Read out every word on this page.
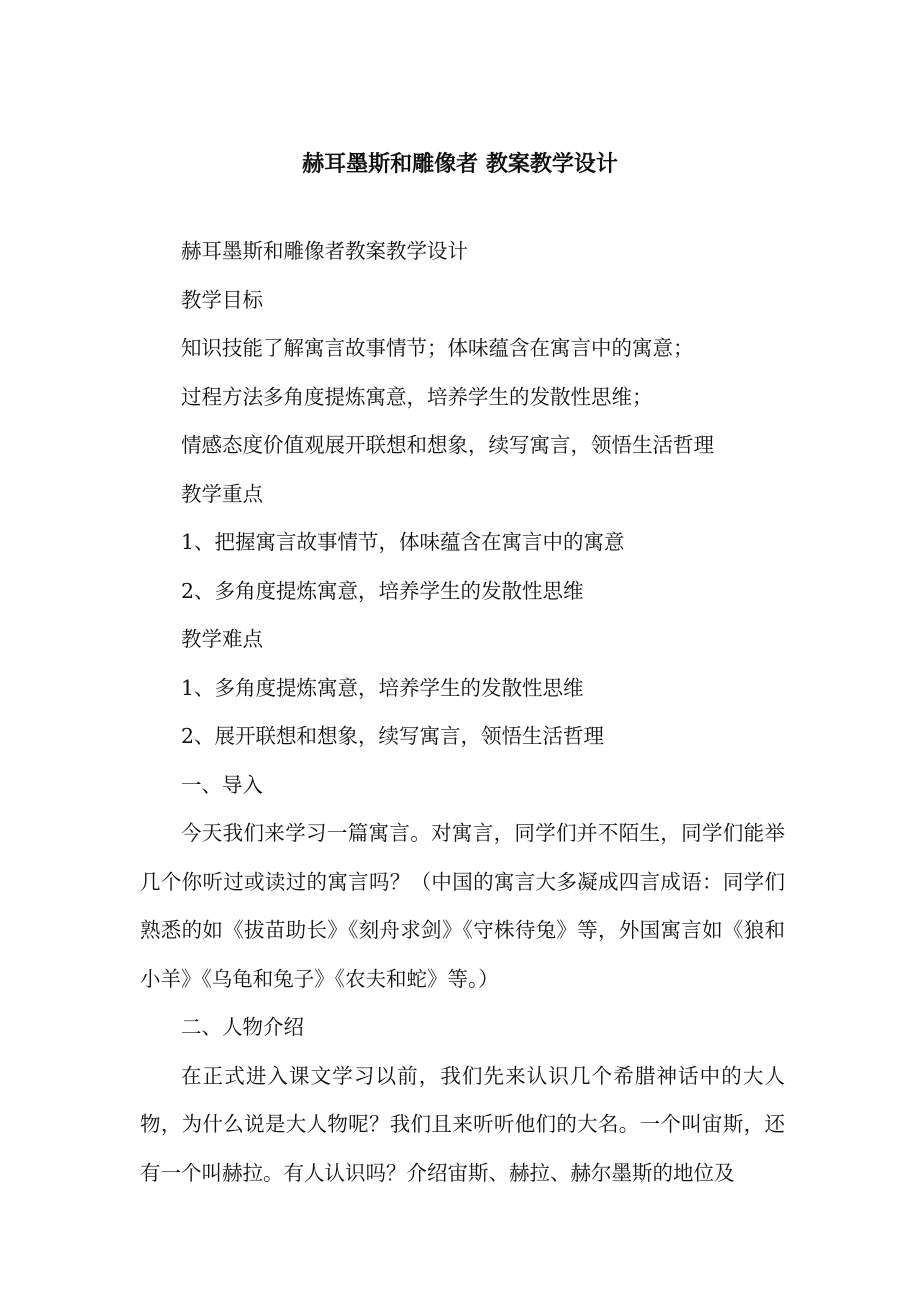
赫耳墨斯和雕像者 教案教学设计

赫耳墨斯和雕像者教案教学设计

教学目标

知识技能了解寓言故事情节；体味蕴含在寓言中的寓意；

过程方法多角度提炼寓意，培养学生的发散性思维；

情感态度价值观展开联想和想象，续写寓言，领悟生活哲理

教学重点

1、把握寓言故事情节，体味蕴含在寓言中的寓意

2、多角度提炼寓意，培养学生的发散性思维

教学难点

1、多角度提炼寓意，培养学生的发散性思维

2、展开联想和想象，续写寓言，领悟生活哲理

一、导入

今天我们来学习一篇寓言。对寓言，同学们并不陌生，同学们能举几个你听过或读过的寓言吗？（中国的寓言大多凝成四言成语：同学们熟悉的如《拔苗助长》《刻舟求剑》《守株待兔》等，外国寓言如《狼和小羊》《乌龟和兔子》《农夫和蛇》等。）

二、人物介绍

在正式进入课文学习以前，我们先来认识几个希腊神话中的大人物，为什么说是大人物呢？我们且来听听他们的大名。一个叫宙斯，还有一个叫赫拉。有人认识吗？介绍宙斯、赫拉、赫尔墨斯的地位及
